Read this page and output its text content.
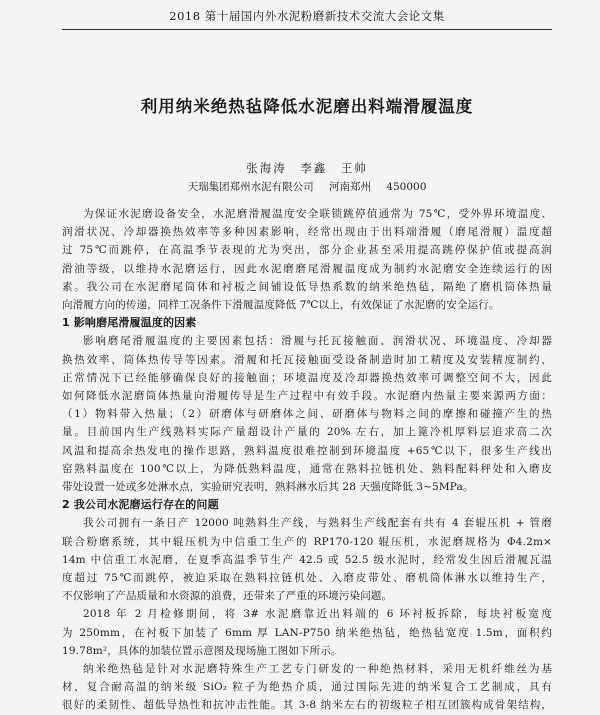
2018 第十届国内外水泥粉磨新技术交流大会论文集
利用纳米绝热毡降低水泥磨出料端滑履温度
张海涛　李鑫　王帅
天瑞集团郑州水泥有限公司 河南郑州 450000
为保证水泥磨设备安全，水泥磨滑履温度安全联锁跳停值通常为 75℃，受外界环境温度、
润滑状况、冷却器换热效率等多种因素影响，经常出现由于出料端滑履（磨尾滑履）温度超
过 75℃而跳停，在高温季节表现的尤为突出，部分企业甚至采用提高跳停保护值或提高润
滑油等级，以维持水泥磨运行，因此水泥磨磨尾滑履温度成为制约水泥磨安全连续运行的因
素。我公司在水泥磨尾筒体和衬板之间铺设低导热系数的纳米绝热毡，隔绝了磨机筒体热量
向滑履方向的传递，同样工况条件下滑履温度降低 7℃以上，有效保证了水泥磨的安全运行。
1 影响磨尾滑履温度的因素
影响磨尾滑履温度的主要因素包括：滑履与托瓦接触面、润滑状况、环境温度、冷却器
换热效率、筒体热传导等因素。滑履和托瓦接触面受设备制造时加工精度及安装精度制约，
正常情况下已经能够确保良好的接触面；环境温度及冷却器换热效率可调整空间不大，因此
如何降低水泥磨筒体热量向滑履传导是生产过程中有效手段。水泥磨内热量主要来源两方面：
（1）物料带入热量；（2）研磨体与研磨体之间、研磨体与物料之间的摩擦和碰撞产生的热
量。目前国内生产线熟料实际产量超设计产量的 20% 左右，加上篦冷机厚料层追求高二次
风温和提高余热发电的操作思路，熟料温度很难控制到环境温度 +65℃以下，很多生产线出
窑熟料温度在 100℃以上，为降低熟料温度，通常在熟料拉链机处、熟料配料秤处和入磨皮
带处设置一处或多处淋水点，实验研究表明，熟料淋水后其 28 天强度降低 3~5MPa。
2 我公司水泥磨运行存在的问题
我公司拥有一条日产 12000 吨熟料生产线，与熟料生产线配套有共有 4 套辊压机 + 管磨
联合粉磨系统，其中辊压机为中信重工生产的 RP170-120 辊压机，水泥磨规格为 Φ4.2m×
14m 中信重工水泥磨，在夏季高温季节生产 42.5 或 52.5 级水泥时，经常发生因后滑履瓦温
度超过 75℃而跳停，被迫采取在熟料拉链机处、入磨皮带处、磨机筒体淋水以维持生产，
不仅影响了产品质量和水资源的浪费，还带来了严重的环境污染问题。
2018 年 2 月检修期间，将 3# 水泥磨靠近出料端的 6 环衬板拆除，每块衬板宽度
为 250mm，在衬板下加装了 6mm 厚 LAN-P750 纳米绝热毡，绝热毡宽度 1.5m，面积约
19.78m²，具体的加装位置示意图及现场施工图如下所示。
纳米绝热毡是针对水泥磨特殊生产工艺专门研发的一种绝热材料，采用无机纤维丝为基
材，复合耐高温的纳米级 SiO₂ 粒子为绝热介质，通过国际先进的纳米复合工艺制成，具有
很好的柔韧性、超低导热性和抗冲击性能。其 3-8 纳米左右的初级粒子相互团簇构成骨架结构，
